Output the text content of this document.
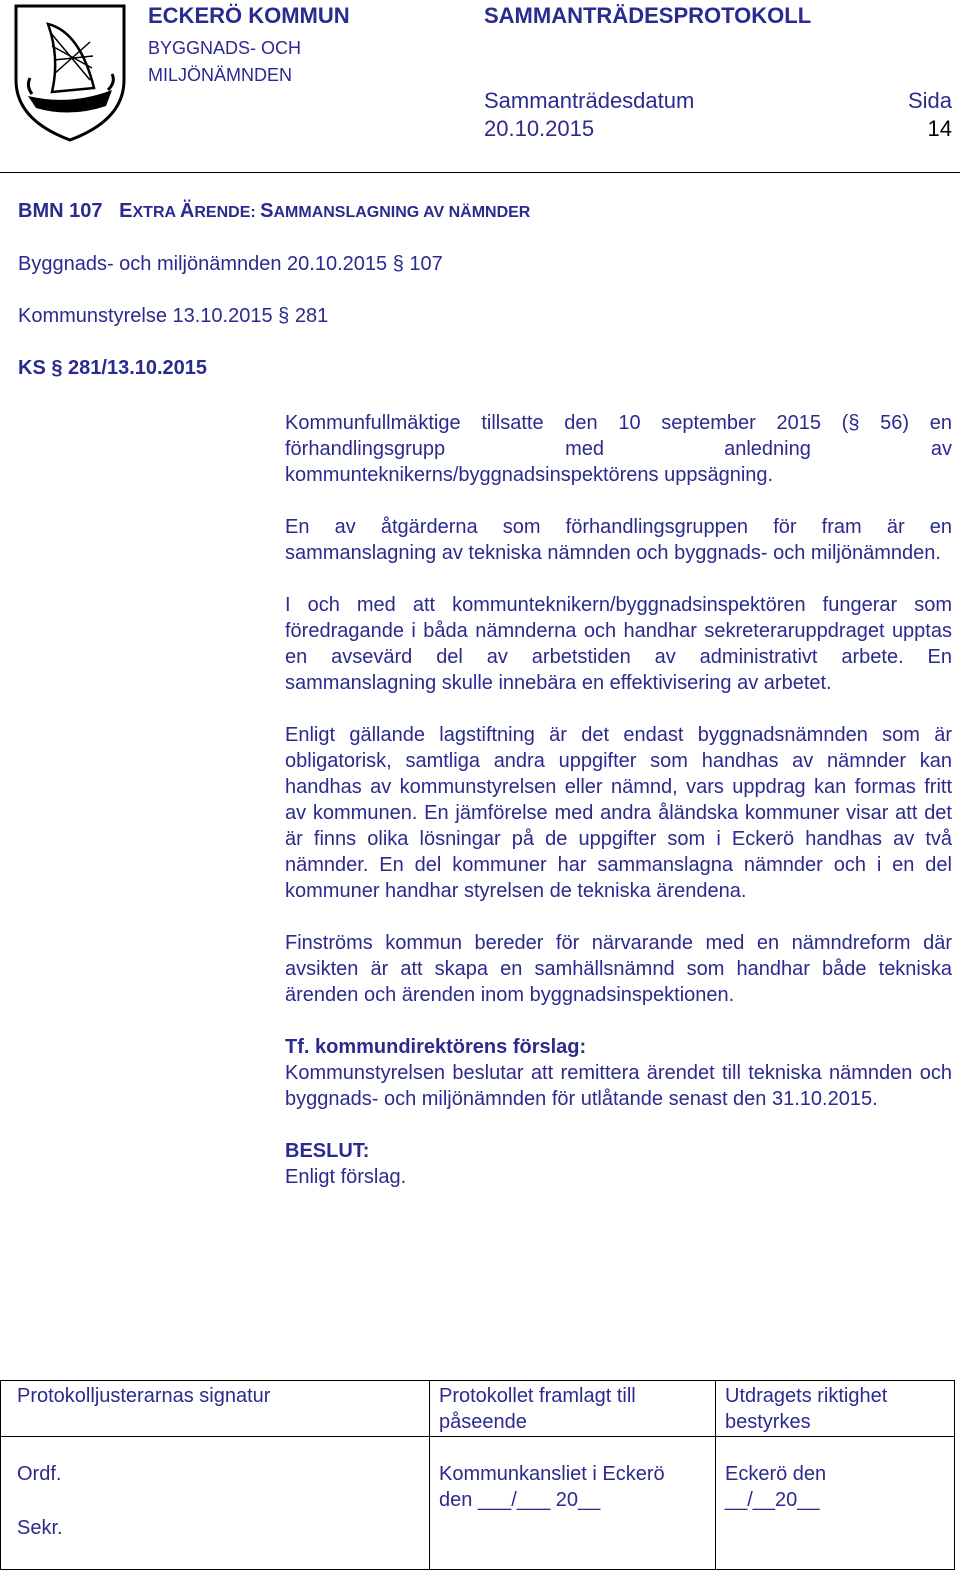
ECKERÖ KOMMUN
BYGGNADS- OCH
MILJÖNÄMNDEN
SAMMANTRÄDESPROTOKOLL
Sammanträdesdatum
20.10.2015
Sida
14
BMN 107 EXTRA ÄRENDE: SAMMANSLAGNING AV NÄMNDER
Byggnads- och miljönämnden 20.10.2015 § 107
Kommunstyrelse 13.10.2015 § 281
KS § 281/13.10.2015

Kommunfullmäktige tillsatte den 10 september 2015 (§ 56) en förhandlingsgrupp med anledning av kommunteknikerns/byggnadsinspektörens uppsägning.

En av åtgärderna som förhandlingsgruppen för fram är en sammanslagning av tekniska nämnden och byggnads- och miljönämnden.

I och med att kommunteknikern/byggnadsinspektören fungerar som föredragande i båda nämnderna och handhar sekreteraruppdraget upptas en avsevärd del av arbetstiden av administrativt arbete. En sammanslagning skulle innebära en effektivisering av arbetet.

Enligt gällande lagstiftning är det endast byggnadsnämnden som är obligatorisk, samtliga andra uppgifter som handhas av nämnder kan handhas av kommunstyrelsen eller nämnd, vars uppdrag kan formas fritt av kommunen. En jämförelse med andra åländska kommuner visar att det är finns olika lösningar på de uppgifter som i Eckerö handhas av två nämnder. En del kommuner har sammanslagna nämnder och i en del kommuner handhar styrelsen de tekniska ärendena.

Finströms kommun bereder för närvarande med en nämndreform där avsikten är att skapa en samhällsnämnd som handhar både tekniska ärenden och ärenden inom byggnadsinspektionen.

Tf. kommundirektörens förslag:
Kommunstyrelsen beslutar att remittera ärendet till tekniska nämnden och byggnads- och miljönämnden för utlåtande senast den 31.10.2015.

BESLUT:
Enligt förslag.

Protokolljusterarnas signatur	Protokollet framlagt till
påseende
Utdragets riktighet
bestyrkes
Ordf.
Sekr.
Kommunkansliet i Eckerö
den ___/___ 20__
Eckerö den
__/__20__
